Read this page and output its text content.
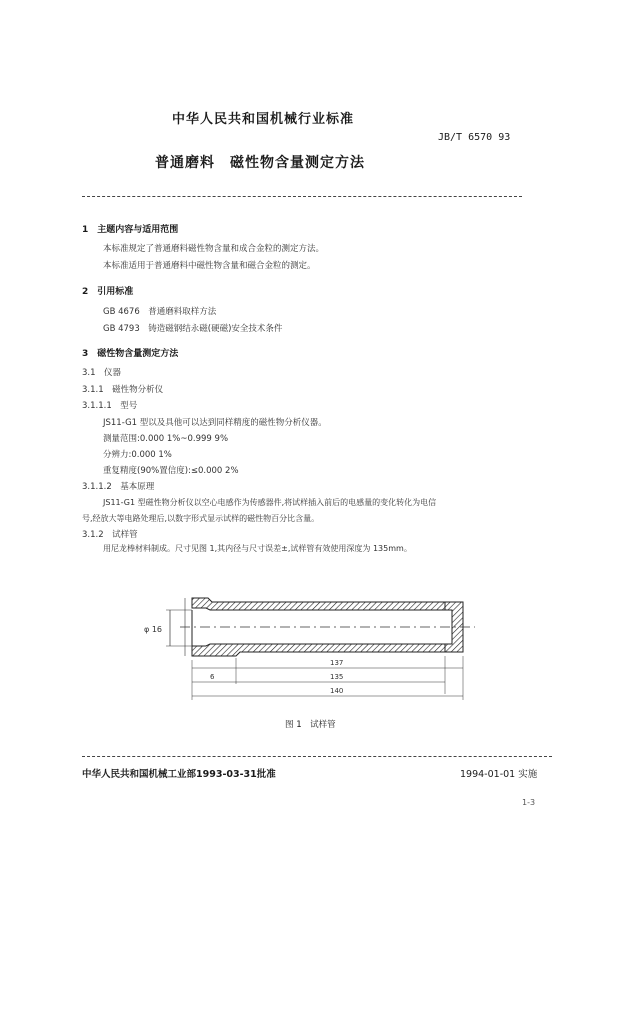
中华人民共和国机械行业标准
JB/T 6570 93
普通磨料　磁性物含量测定方法
1　主题内容与适用范围
本标准规定了普通磨料磁性物含量和成合金粒的测定方法。
本标准适用于普通磨料中磁性物含量和磁合金粒的测定。
2　引用标准
GB 4676　普通磨料取样方法
GB 4793　铸造磁钢结永磁(硬磁)安全技术条件
3　磁性物含量测定方法
3.1　仪器
3.1.1　磁性物分析仪
3.1.1.1　型号
JS11-G1 型以及具他可以达到同样精度的磁性物分析仪器。
测量范围:0.000 1%~0.999 9%
分辨力:0.000 1%
重复精度(90%置信度):≤0.000 2%
3.1.1.2　基本原理
JS11-G1 型磁性物分析仪以空心电感作为传感器件,将试样插入前后的电感量的变化转化为电信
号,经放大等电路处理后,以数字形式显示试样的磁性物百分比含量。
3.1.2　试样管
用尼龙棒材料制成。尺寸见图 1,其内径与尺寸误差±,试样管有效使用深度为 135mm。
φ 16
6
137
135
140
图 1　试样管
中华人民共和国机械工业部1993-03-31批准	1994-01-01 实施
1-3
